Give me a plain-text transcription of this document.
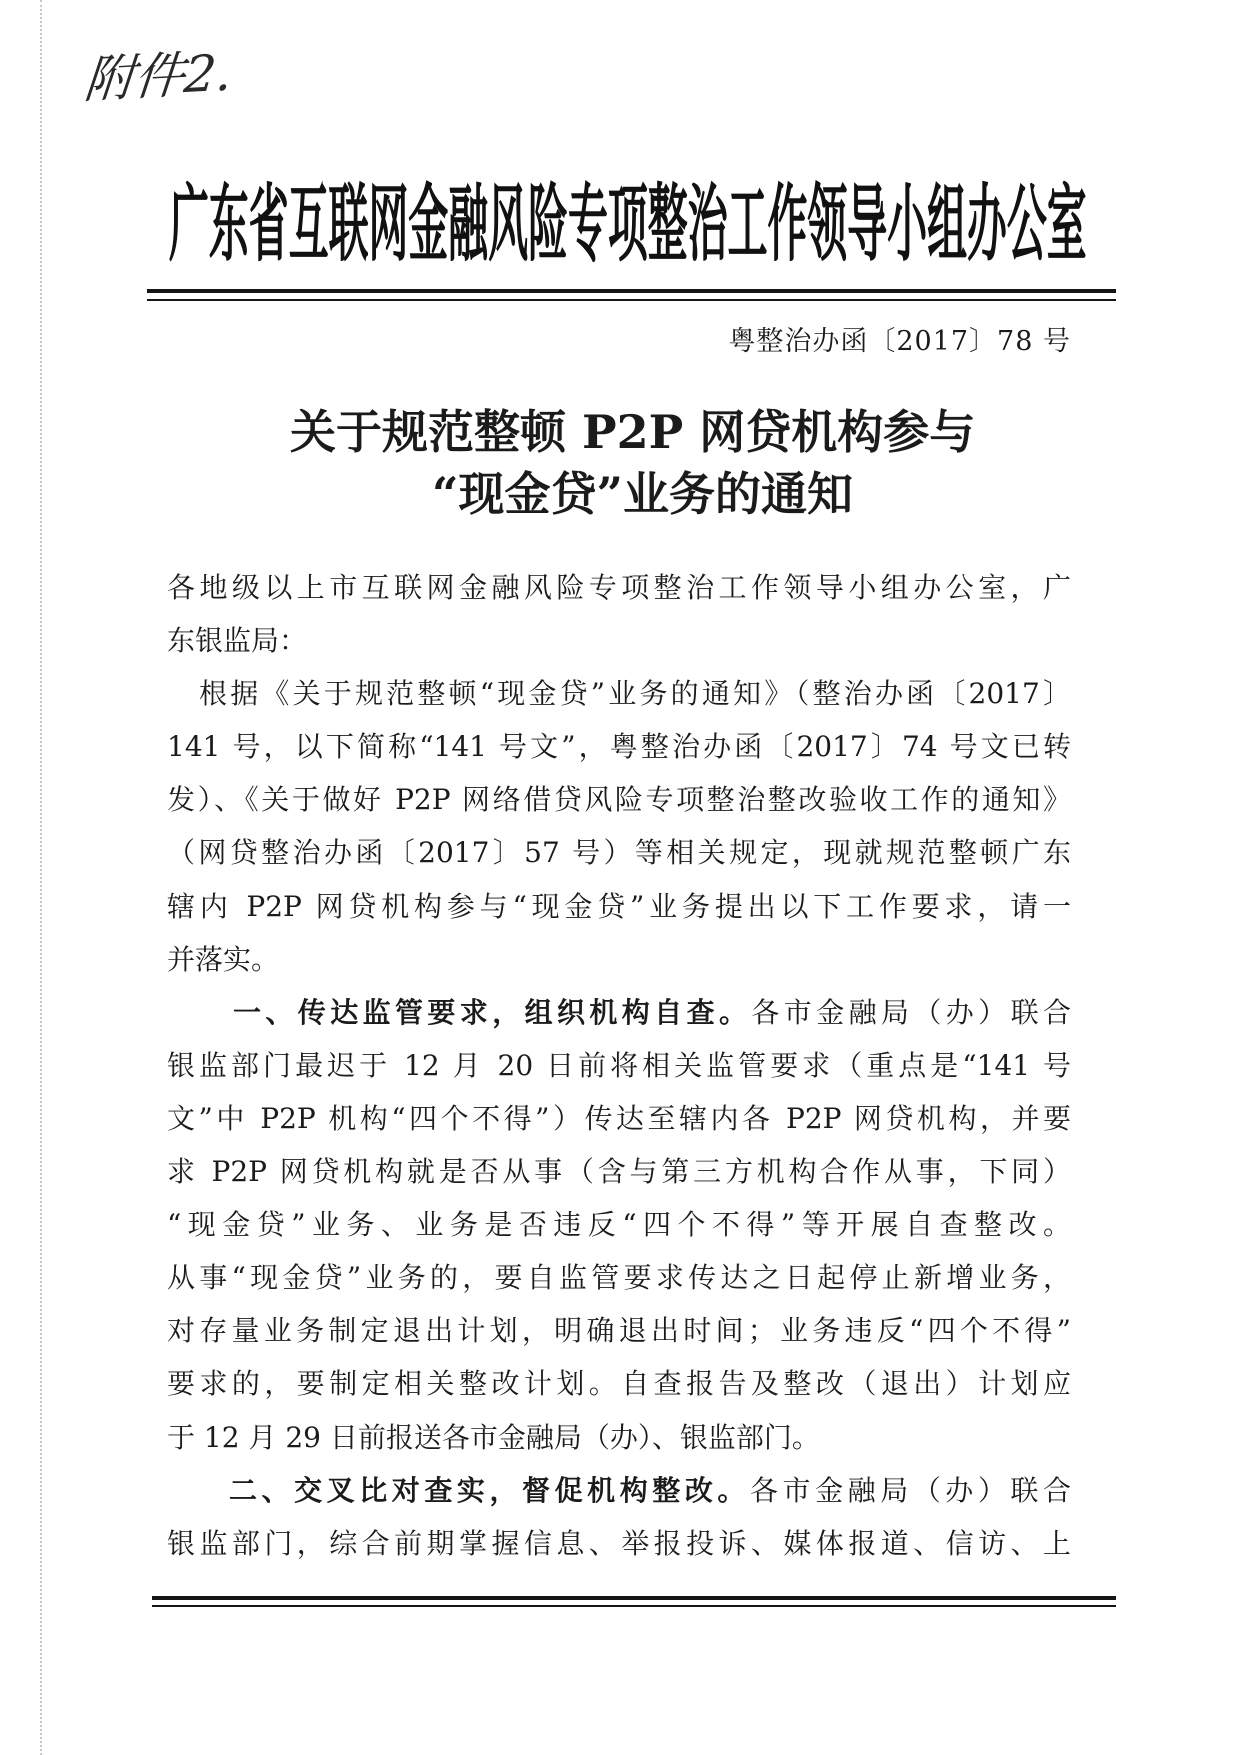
附件2.
广东省互联网金融风险专项整治工作领导小组办公室
粤整治办函〔2017〕78 号
关于规范整顿 P2P 网贷机构参与
“现金贷”业务的通知
各地级以上市互联网金融风险专项整治工作领导小组办公室，广
东银监局：
根据《关于规范整顿“现金贷”业务的通知》（整治办函〔2017〕
141 号，以下简称“141 号文”，粤整治办函〔2017〕74 号文已转
发）、《关于做好 P2P 网络借贷风险专项整治整改验收工作的通知》
（网贷整治办函〔2017〕57 号）等相关规定，现就规范整顿广东
辖内 P2P 网贷机构参与“现金贷”业务提出以下工作要求，请一
并落实。
一、传达监管要求，组织机构自查。各市金融局（办）联合
银监部门最迟于 12 月 20 日前将相关监管要求（重点是“141 号
文”中 P2P 机构“四个不得”）传达至辖内各 P2P 网贷机构，并要
求 P2P 网贷机构就是否从事（含与第三方机构合作从事，下同）
“现金贷”业务、业务是否违反“四个不得”等开展自查整改。
从事“现金贷”业务的，要自监管要求传达之日起停止新增业务，
对存量业务制定退出计划，明确退出时间；业务违反“四个不得”
要求的，要制定相关整改计划。自查报告及整改（退出）计划应
于 12 月 29 日前报送各市金融局（办）、银监部门。
二、交叉比对查实，督促机构整改。各市金融局（办）联合
银监部门，综合前期掌握信息、举报投诉、媒体报道、信访、上
